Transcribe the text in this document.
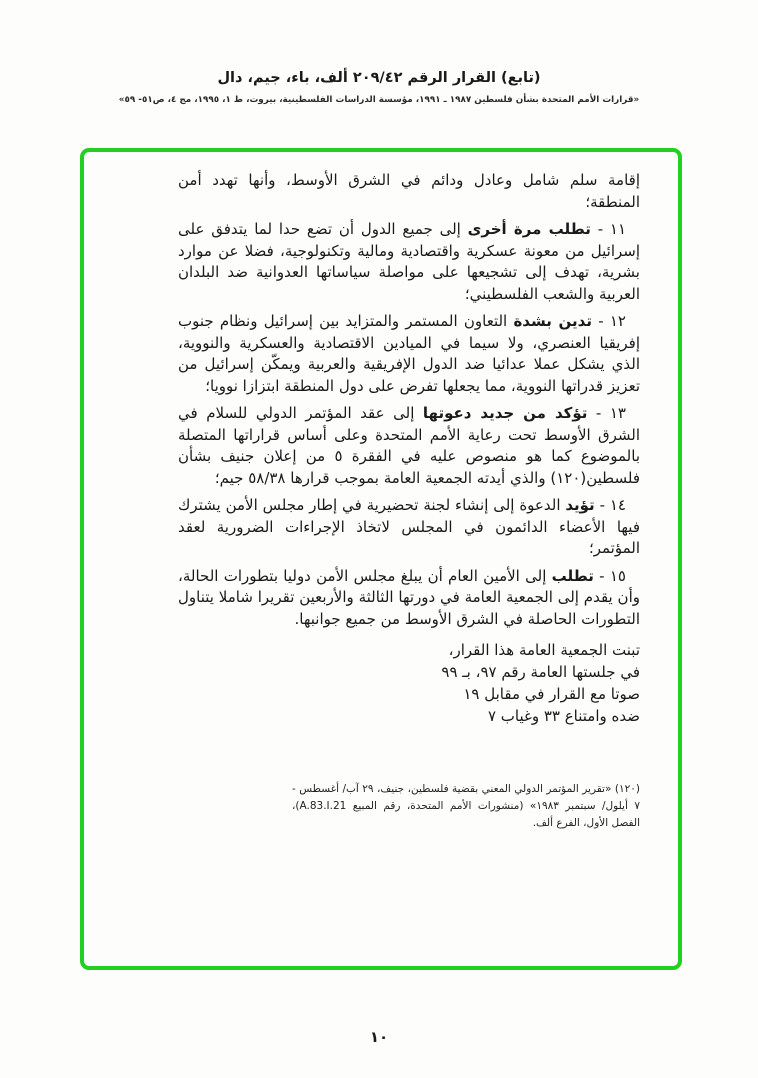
(تابع) القرار الرقم ٢٠٩/٤٢ ألف، باء، جيم، دال
«قرارات الأمم المتحدة بشأن فلسطين ١٩٨٧ ـ ١٩٩١، مؤسسة الدراسات الفلسطينية، بيروت، ط ١، ١٩٩٥، مج ٤، ص٥١- ٥٩»

إقامة سلم شامل وعادل ودائم في الشرق الأوسط، وأنها تهدد أمن المنطقة؛

١١ - تطلب مرة أخرى إلى جميع الدول أن تضع حدا لما يتدفق على إسرائيل من معونة عسكرية واقتصادية ومالية وتكنولوجية، فضلا عن موارد بشرية، تهدف إلى تشجيعها على مواصلة سياساتها العدوانية ضد البلدان العربية والشعب الفلسطيني؛

١٢ - تدين بشدة التعاون المستمر والمتزايد بين إسرائيل ونظام جنوب إفريقيا العنصري، ولا سيما في الميادين الاقتصادية والعسكرية والنووية، الذي يشكل عملا عدائيا ضد الدول الإفريقية والعربية ويمكّن إسرائيل من تعزيز قدراتها النووية، مما يجعلها تفرض على دول المنطقة ابتزازا نوويا؛

١٣ - تؤكد من جديد دعوتها إلى عقد المؤتمر الدولي للسلام في الشرق الأوسط تحت رعاية الأمم المتحدة وعلى أساس قراراتها المتصلة بالموضوع كما هو منصوص عليه في الفقرة ٥ من إعلان جنيف بشأن فلسطين(١٢٠) والذي أيدته الجمعية العامة بموجب قرارها ٥٨/٣٨ جيم؛

١٤ - تؤيد الدعوة إلى إنشاء لجنة تحضيرية في إطار مجلس الأمن يشترك فيها الأعضاء الدائمون في المجلس لاتخاذ الإجراءات الضرورية لعقد المؤتمر؛

١٥ - تطلب إلى الأمين العام أن يبلغ مجلس الأمن دوليا بتطورات الحالة، وأن يقدم إلى الجمعية العامة في دورتها الثالثة والأربعين تقريرا شاملا يتناول التطورات الحاصلة في الشرق الأوسط من جميع جوانبها.

تبنت الجمعية العامة هذا القرار،
في جلستها العامة رقم ٩٧، بـ ٩٩
صوتا مع القرار في مقابل ١٩
ضده وامتناع ٣٣ وغياب ٧
(١٢٠) «تقرير المؤتمر الدولي المعني بقضية فلسطين، جنيف، ٢٩ آب/ أغسطس - ٧ أيلول/ سبتمبر ١٩٨٣» (منشورات الأمم المتحدة، رقم المبيع A.83.I.21)، الفصل الأول، الفرع ألف.
١٠
